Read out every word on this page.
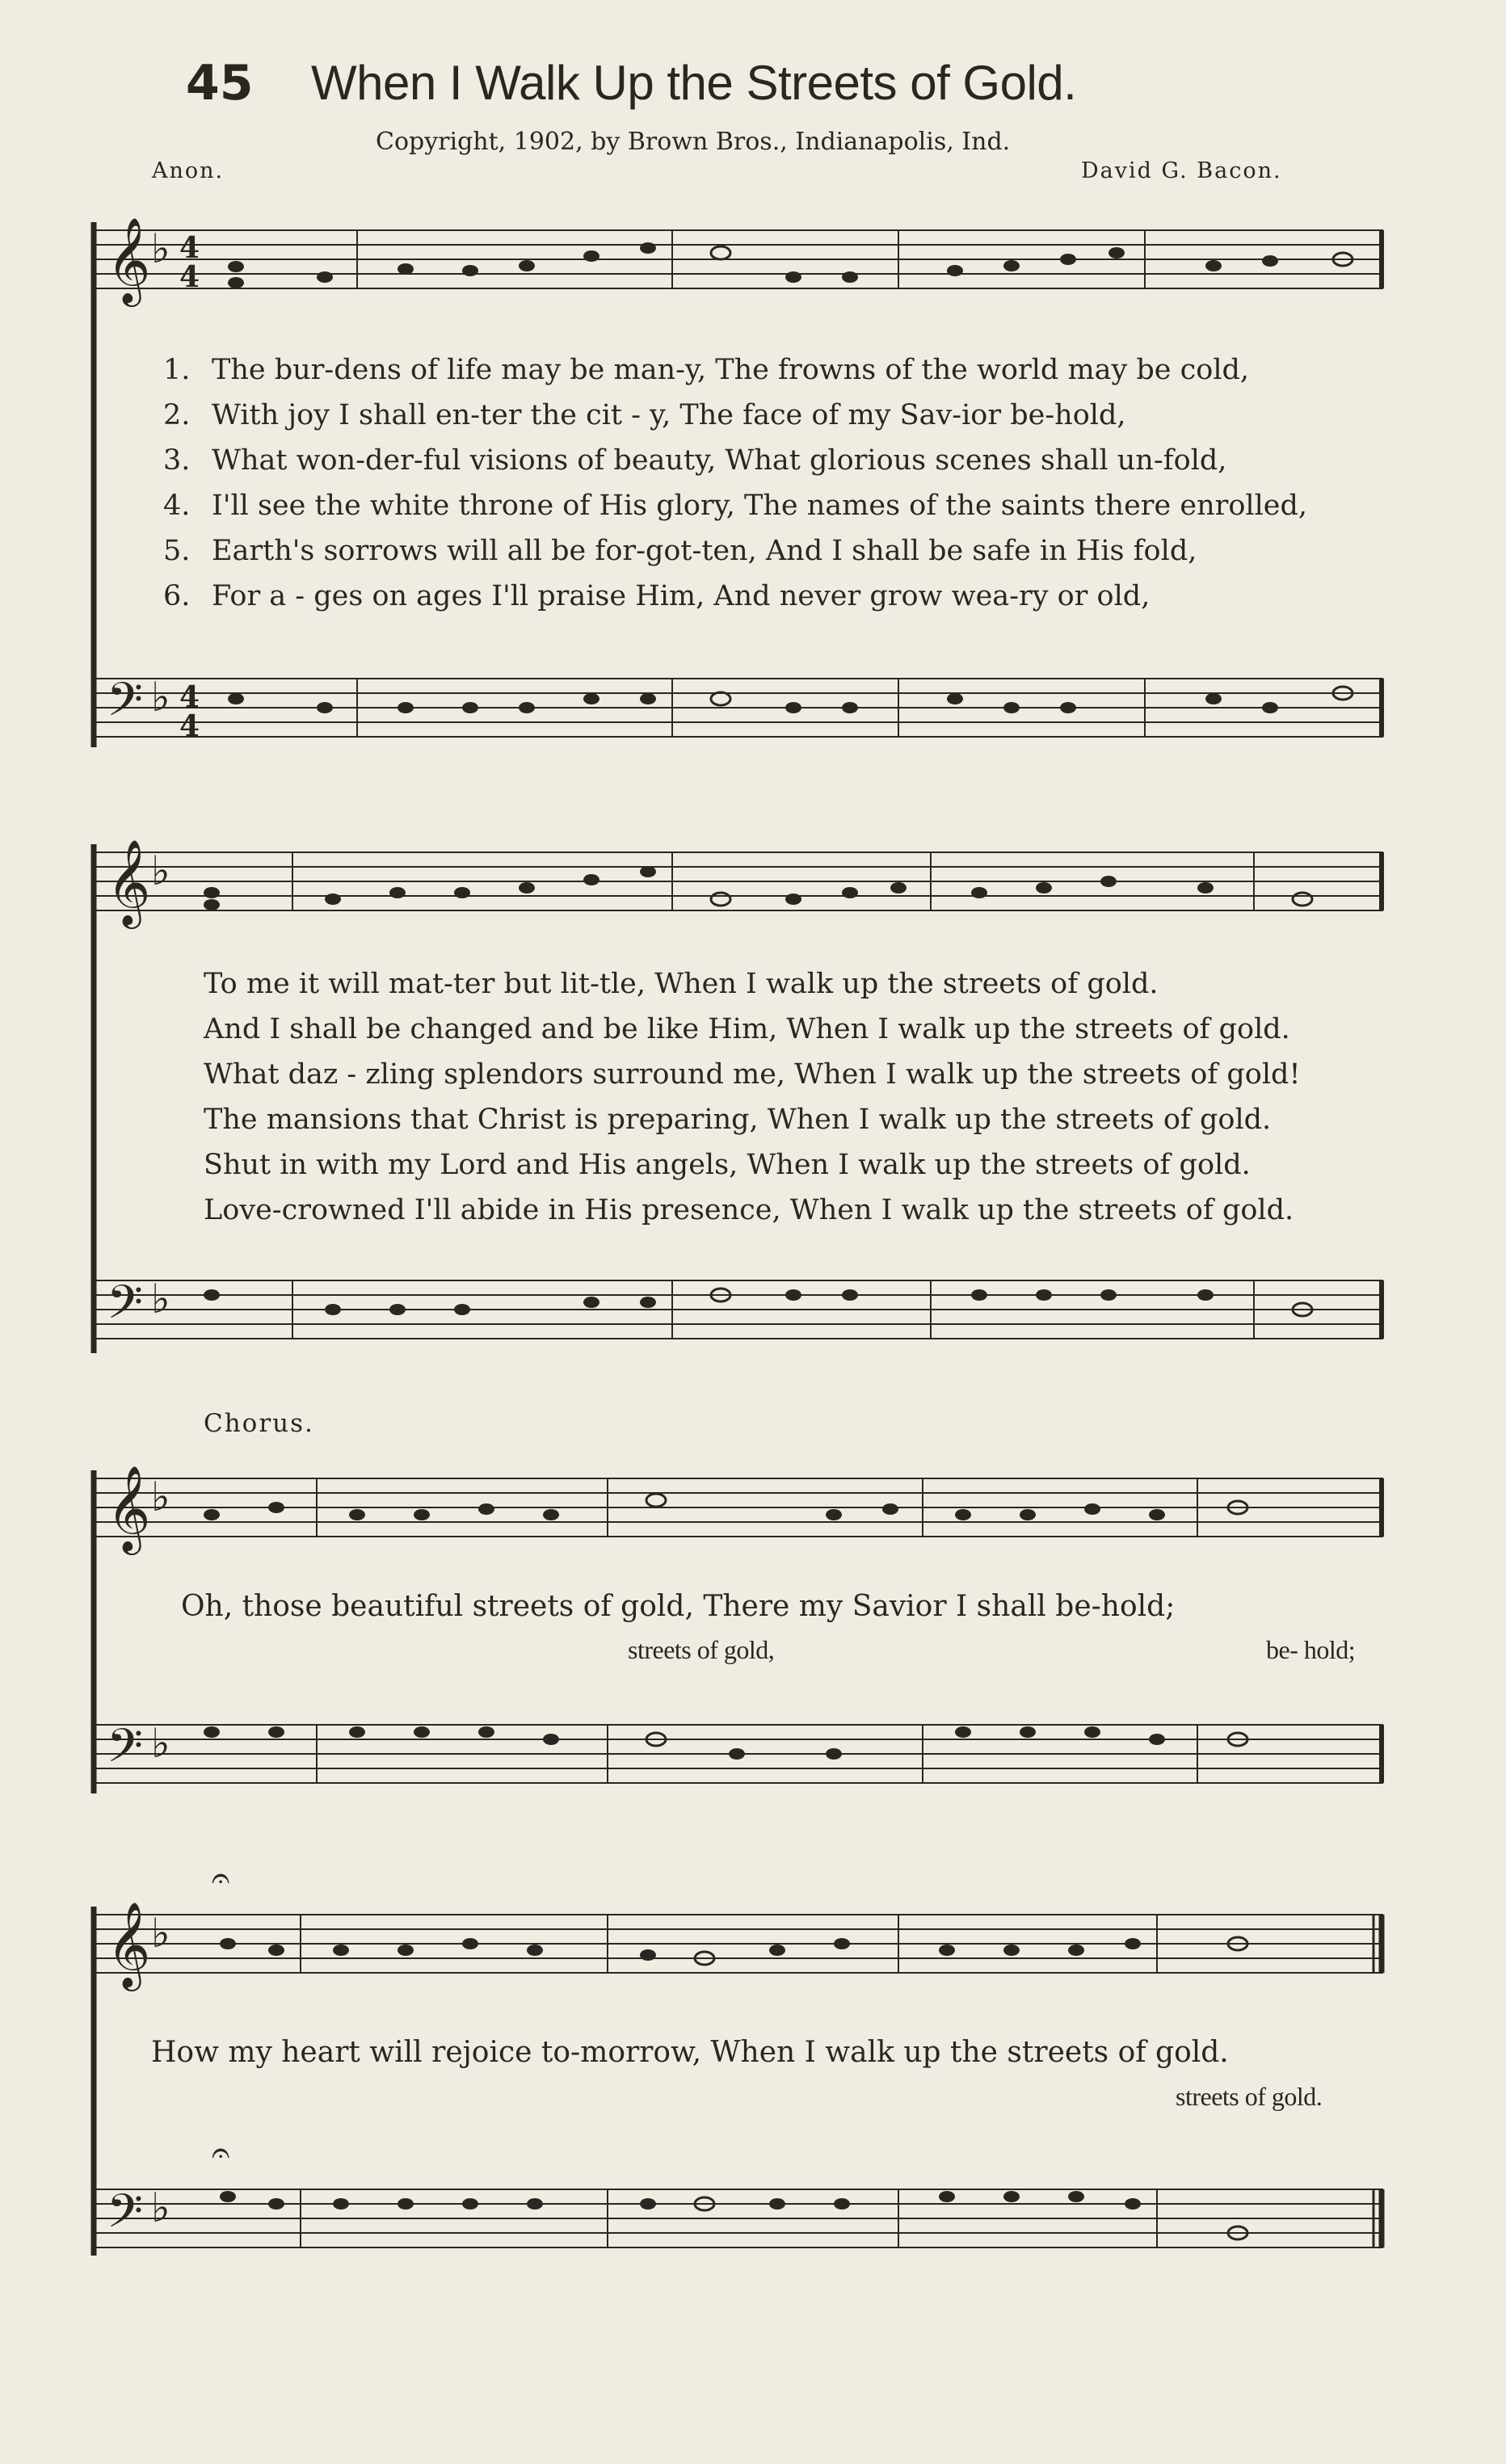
45 When I Walk Up the Streets of Gold.
Copyright, 1902, by Brown Bros., Indianapolis, Ind.
Anon.	David G. Bacon.
𝄞
𝄢
♭
♭
4
4
4
4
1. The bur-dens of life may be man-y, The frowns of the world may be cold,
2. With joy I shall en-ter the cit - y, The face of my Sav-ior be-hold,
3. What won-der-ful visions of beauty, What glorious scenes shall un-fold,
4. I'll see the white throne of His glory, The names of the saints there enrolled,
5. Earth's sorrows will all be for-got-ten, And I shall be safe in His fold,
6. For a - ges on ages I'll praise Him, And never grow wea-ry or old,
𝄞
𝄢
♭
♭
To me it will mat-ter but lit-tle, When I walk up the streets of gold.
And I shall be changed and be like Him, When I walk up the streets of gold.
What daz - zling splendors surround me, When I walk up the streets of gold!
The mansions that Christ is preparing, When I walk up the streets of gold.
Shut in with my Lord and His angels, When I walk up the streets of gold.
Love-crowned I'll abide in His presence, When I walk up the streets of gold.
Chorus.
𝄞
𝄢
♭
♭
Oh, those beautiful streets of gold, There my Savior I shall be-hold;
streets of gold,	be- hold;
𝄞
𝄢
♭
♭
𝄐
𝄐
How my heart will rejoice to-morrow, When I walk up the streets of gold.
streets of gold.
